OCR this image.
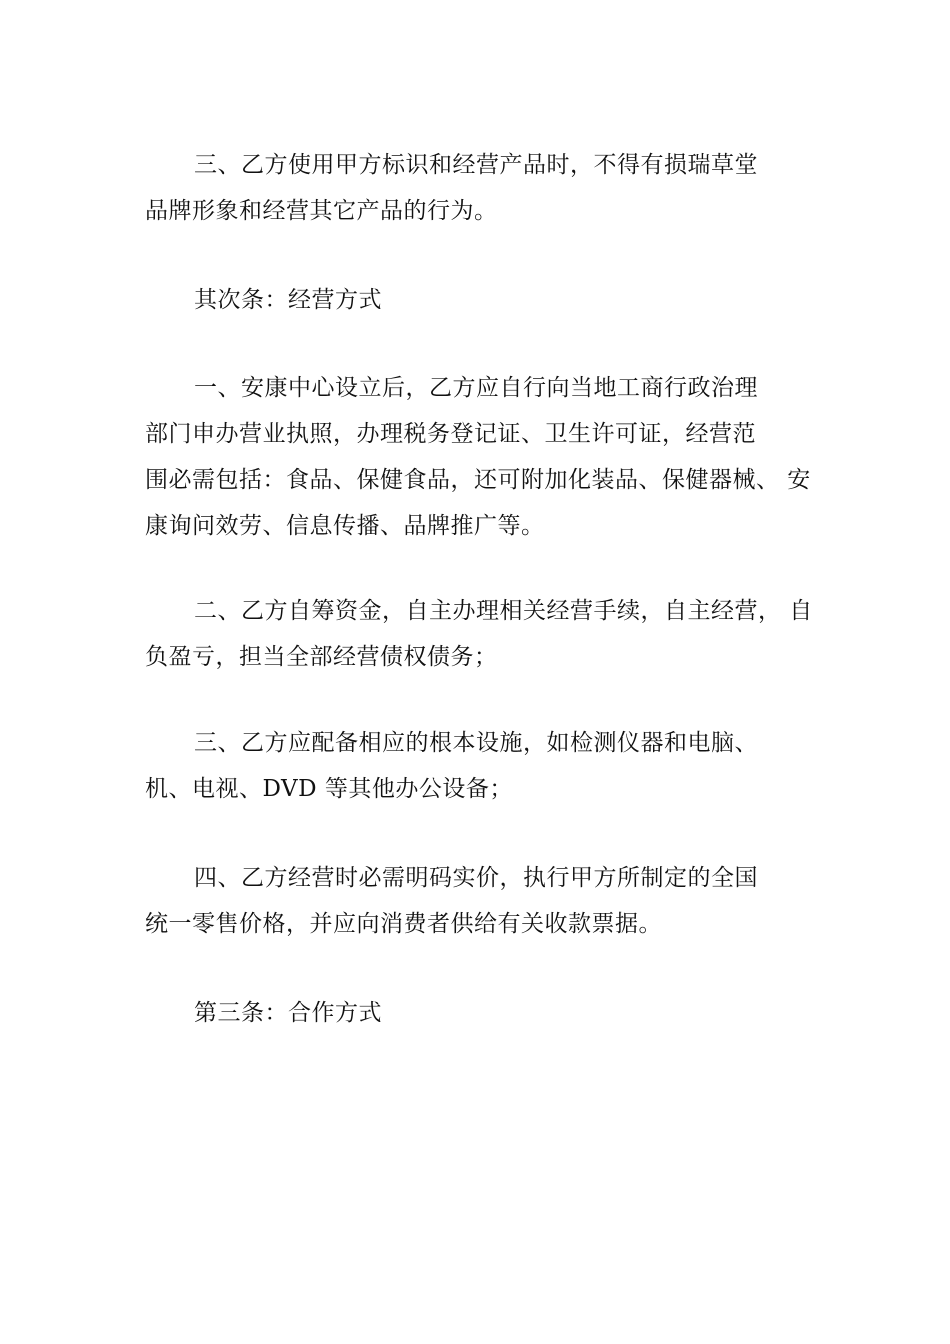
三、乙方使用甲方标识和经营产品时，不得有损瑞草堂
品牌形象和经营其它产品的行为。
其次条：经营方式
一、安康中心设立后，乙方应自行向当地工商行政治理
部门申办营业执照，办理税务登记证、卫生许可证，经营范
围必需包括：食品、保健食品，还可附加化装品、保健器械、 安
康询问效劳、信息传播、品牌推广等。
二、乙方自筹资金，自主办理相关经营手续，自主经营， 自
负盈亏，担当全部经营债权债务；
三、乙方应配备相应的根本设施，如检测仪器和电脑、
机、电视、DVD 等其他办公设备；
四、乙方经营时必需明码实价，执行甲方所制定的全国
统一零售价格，并应向消费者供给有关收款票据。
第三条：合作方式
